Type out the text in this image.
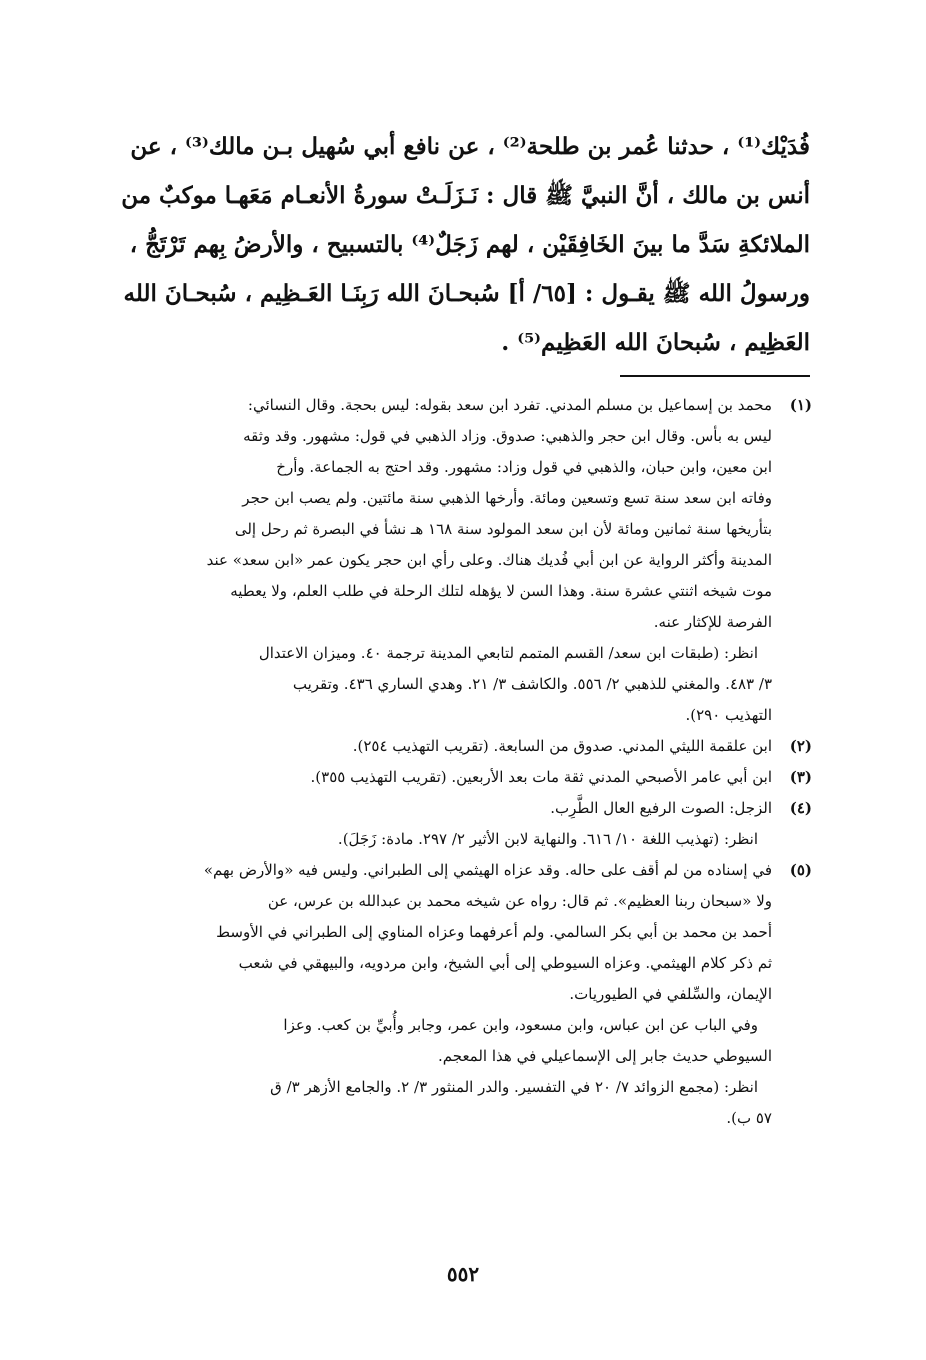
فُدَيْك⁽¹⁾ ، حدثنا عُمر بن طلحة⁽²⁾ ، عن نافع أبي سُهيل بـن مالك⁽³⁾ ، عن
أنس بن مالك ، أنَّ النبيَّ ﷺ قال : نَـزَلَـتْ سورةُ الأنعـام مَعَهـا موكبٌ من
الملائكةِ سَدَّ ما بينَ الخَافِقَيْن ، لهم زَجَلٌ⁽⁴⁾ بالتسبيح ، والأرضُ بِهم تَرْتَجُّ ،
ورسولُ الله ﷺ يقـول : [٦٥/ أ] سُبحـانَ الله رَبِنَـا العَـظِيم ، سُبحـانَ الله
العَظِيم ، سُبحانَ الله العَظِيم⁽⁵⁾ .
(١)
محمد بن إسماعيل بن مسلم المدني. تفرد ابن سعد بقوله: ليس بحجة. وقال النسائي:
ليس به بأس. وقال ابن حجر والذهبي: صدوق. وزاد الذهبي في قول: مشهور. وقد وثقه
ابن معين، وابن حبان، والذهبي في قول وزاد: مشهور. وقد احتج به الجماعة. وأرخ
وفاته ابن سعد سنة تسع وتسعين ومائة. وأرخها الذهبي سنة مائتين. ولم يصب ابن حجر
بتأريخها سنة ثمانين ومائة لأن ابن سعد المولود سنة ١٦٨ هـ نشأ في البصرة ثم رحل إلى
المدينة وأكثر الرواية عن ابن أبي فُديك هناك. وعلى رأي ابن حجر يكون عمر «ابن سعد» عند
موت شيخه اثنتي عشرة سنة. وهذا السن لا يؤهله لتلك الرحلة في طلب العلم، ولا يعطيه
الفرصة للإكثار عنه.
انظر: (طبقات ابن سعد/ القسم المتمم لتابعي المدينة ترجمة ٤٠. وميزان الاعتدال
٣/ ٤٨٣. والمغني للذهبي ٢/ ٥٥٦. والكاشف ٣/ ٢١. وهدي الساري ٤٣٦. وتقريب
التهذيب ٢٩٠).
(٢)
ابن علقمة الليثي المدني. صدوق من السابعة. (تقريب التهذيب ٢٥٤).
(٣)
ابن أبي عامر الأصبحي المدني ثقة مات بعد الأربعين. (تقريب التهذيب ٣٥٥).
(٤)
الزجل: الصوت الرفيع العال الطَّرِب.
انظر: (تهذيب اللغة ١٠/ ٦١٦. والنهاية لابن الأثير ٢/ ٢٩٧. مادة: زَجَلَ).
(٥)
في إسناده من لم أقف على حاله. وقد عزاه الهيثمي إلى الطبراني. وليس فيه «والأرض بهم»
ولا «سبحان ربنا العظيم». ثم قال: رواه عن شيخه محمد بن عبدالله بن عرس، عن
أحمد بن محمد بن أبي بكر السالمي. ولم أعرفهما وعزاه المناوي إلى الطبراني في الأوسط
ثم ذكر كلام الهيثمي. وعزاه السيوطي إلى أبي الشيخ، وابن مردويه، والبيهقي في شعب
الإيمان، والسِّلفي في الطيوريات.
وفي الباب عن ابن عباس، وابن مسعود، وابن عمر، وجابر وأُبيِّ بن كعب. وعزا
السيوطي حديث جابر إلى الإسماعيلي في هذا المعجم.
انظر: (مجمع الزوائد ٧/ ٢٠ في التفسير. والدر المنثور ٣/ ٢. والجامع الأزهر ٣/ ق
٥٧ ب).
٥٥٢
